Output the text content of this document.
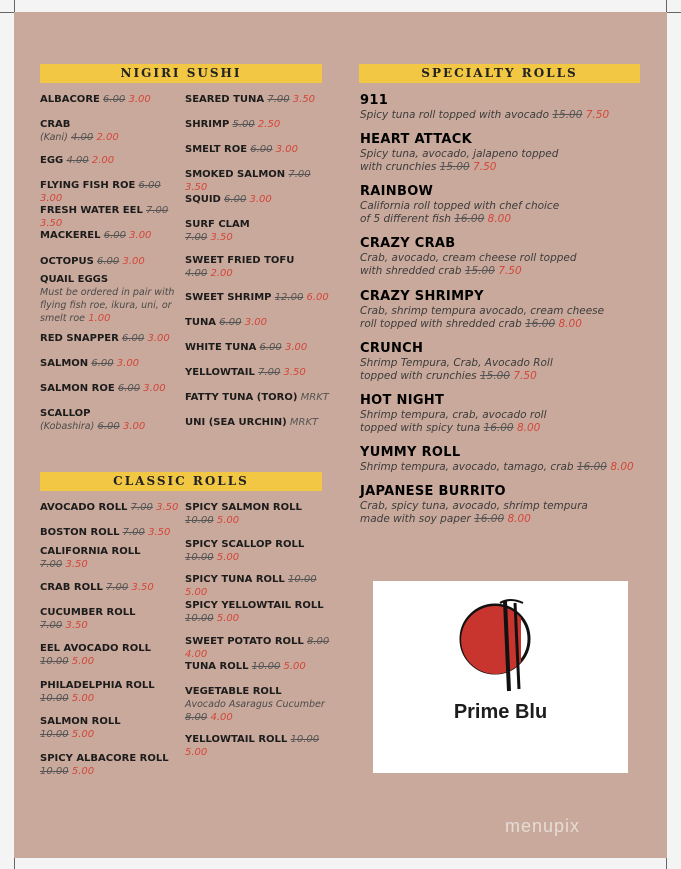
NIGIRI SUSHI
ALBACORE 6.00 3.00
CRAB
(Kani) 4.00 2.00
EGG 4.00 2.00
FLYING FISH ROE 6.00 3.00
FRESH WATER EEL 7.00 3.50
MACKEREL 6.00 3.00
OCTOPUS 6.00 3.00
QUAIL EGGS
Must be ordered in pair with flying fish roe, ikura, uni, or smelt roe 1.00
RED SNAPPER 6.00 3.00
SALMON 6.00 3.00
SALMON ROE 6.00 3.00
SCALLOP
(Kobashira) 6.00 3.00
SEARED TUNA 7.00 3.50
SHRIMP 5.00 2.50
SMELT ROE 6.00 3.00
SMOKED SALMON 7.00 3.50
SQUID 6.00 3.00
SURF CLAM
7.00 3.50
SWEET FRIED TOFU
4.00 2.00
SWEET SHRIMP 12.00 6.00
TUNA 6.00 3.00
WHITE TUNA 6.00 3.00
YELLOWTAIL 7.00 3.50
FATTY TUNA (TORO) MRKT
UNI (SEA URCHIN) MRKT
CLASSIC ROLLS
AVOCADO ROLL 7.00 3.50
BOSTON ROLL 7.00 3.50
CALIFORNIA ROLL
7.00 3.50
CRAB ROLL 7.00 3.50
CUCUMBER ROLL
7.00 3.50
EEL AVOCADO ROLL
10.00 5.00
PHILADELPHIA ROLL
10.00 5.00
SALMON ROLL
10.00 5.00
SPICY ALBACORE ROLL
10.00 5.00
SPICY SALMON ROLL
10.00 5.00
SPICY SCALLOP ROLL 10.00 5.00
SPICY TUNA ROLL 10.00 5.00
SPICY YELLOWTAIL ROLL
10.00 5.00
SWEET POTATO ROLL 8.00 4.00
TUNA ROLL 10.00 5.00
VEGETABLE ROLL
Avocado Asaragus Cucumber 8.00 4.00
YELLOWTAIL ROLL 10.00 5.00
SPECIALTY ROLLS
911
Spicy tuna roll topped with avocado 15.00 7.50
HEART ATTACK
Spicy tuna, avocado, jalapeno topped
with crunchies 15.00 7.50
RAINBOW
California roll topped with chef choice
of 5 different fish 16.00 8.00
CRAZY CRAB
Crab, avocado, cream cheese roll topped
with shredded crab 15.00 7.50
CRAZY SHRIMPY
Crab, shrimp tempura avocado, cream cheese
roll topped with shredded crab 16.00 8.00
CRUNCH
Shrimp Tempura, Crab, Avocado Roll
topped with crunchies 15.00 7.50
HOT NIGHT
Shrimp tempura, crab, avocado roll
topped with spicy tuna 16.00 8.00
YUMMY ROLL
Shrimp tempura, avocado, tamago, crab 16.00 8.00
JAPANESE BURRITO
Crab, spicy tuna, avocado, shrimp tempura
made with soy paper 16.00 8.00
Prime Blu
menupix
